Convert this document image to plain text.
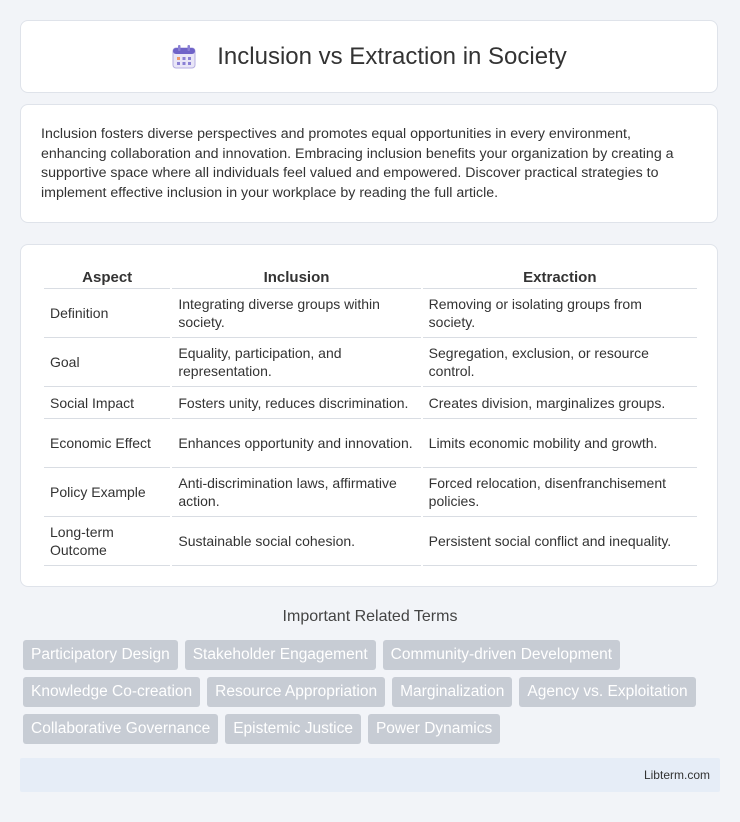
Inclusion vs Extraction in Society
Inclusion fosters diverse perspectives and promotes equal opportunities in every environment, enhancing collaboration and innovation. Embracing inclusion benefits your organization by creating a supportive space where all individuals feel valued and empowered. Discover practical strategies to implement effective inclusion in your workplace by reading the full article.
Aspect	Inclusion	Extraction
Definition	Integrating diverse groups within society.	Removing or isolating groups from society.
Goal	Equality, participation, and representation.	Segregation, exclusion, or resource control.
Social Impact	Fosters unity, reduces discrimination.	Creates division, marginalizes groups.
Economic Effect	Enhances opportunity and innovation.	Limits economic mobility and growth.
Policy Example	Anti-discrimination laws, affirmative action.	Forced relocation, disenfranchisement policies.
Long-term Outcome	Sustainable social cohesion.	Persistent social conflict and inequality.
Important Related Terms
Participatory Design	Stakeholder Engagement	Community-driven Development
Knowledge Co-creation	Resource Appropriation	Marginalization	Agency vs. Exploitation
Collaborative Governance	Epistemic Justice	Power Dynamics
Libterm.com
